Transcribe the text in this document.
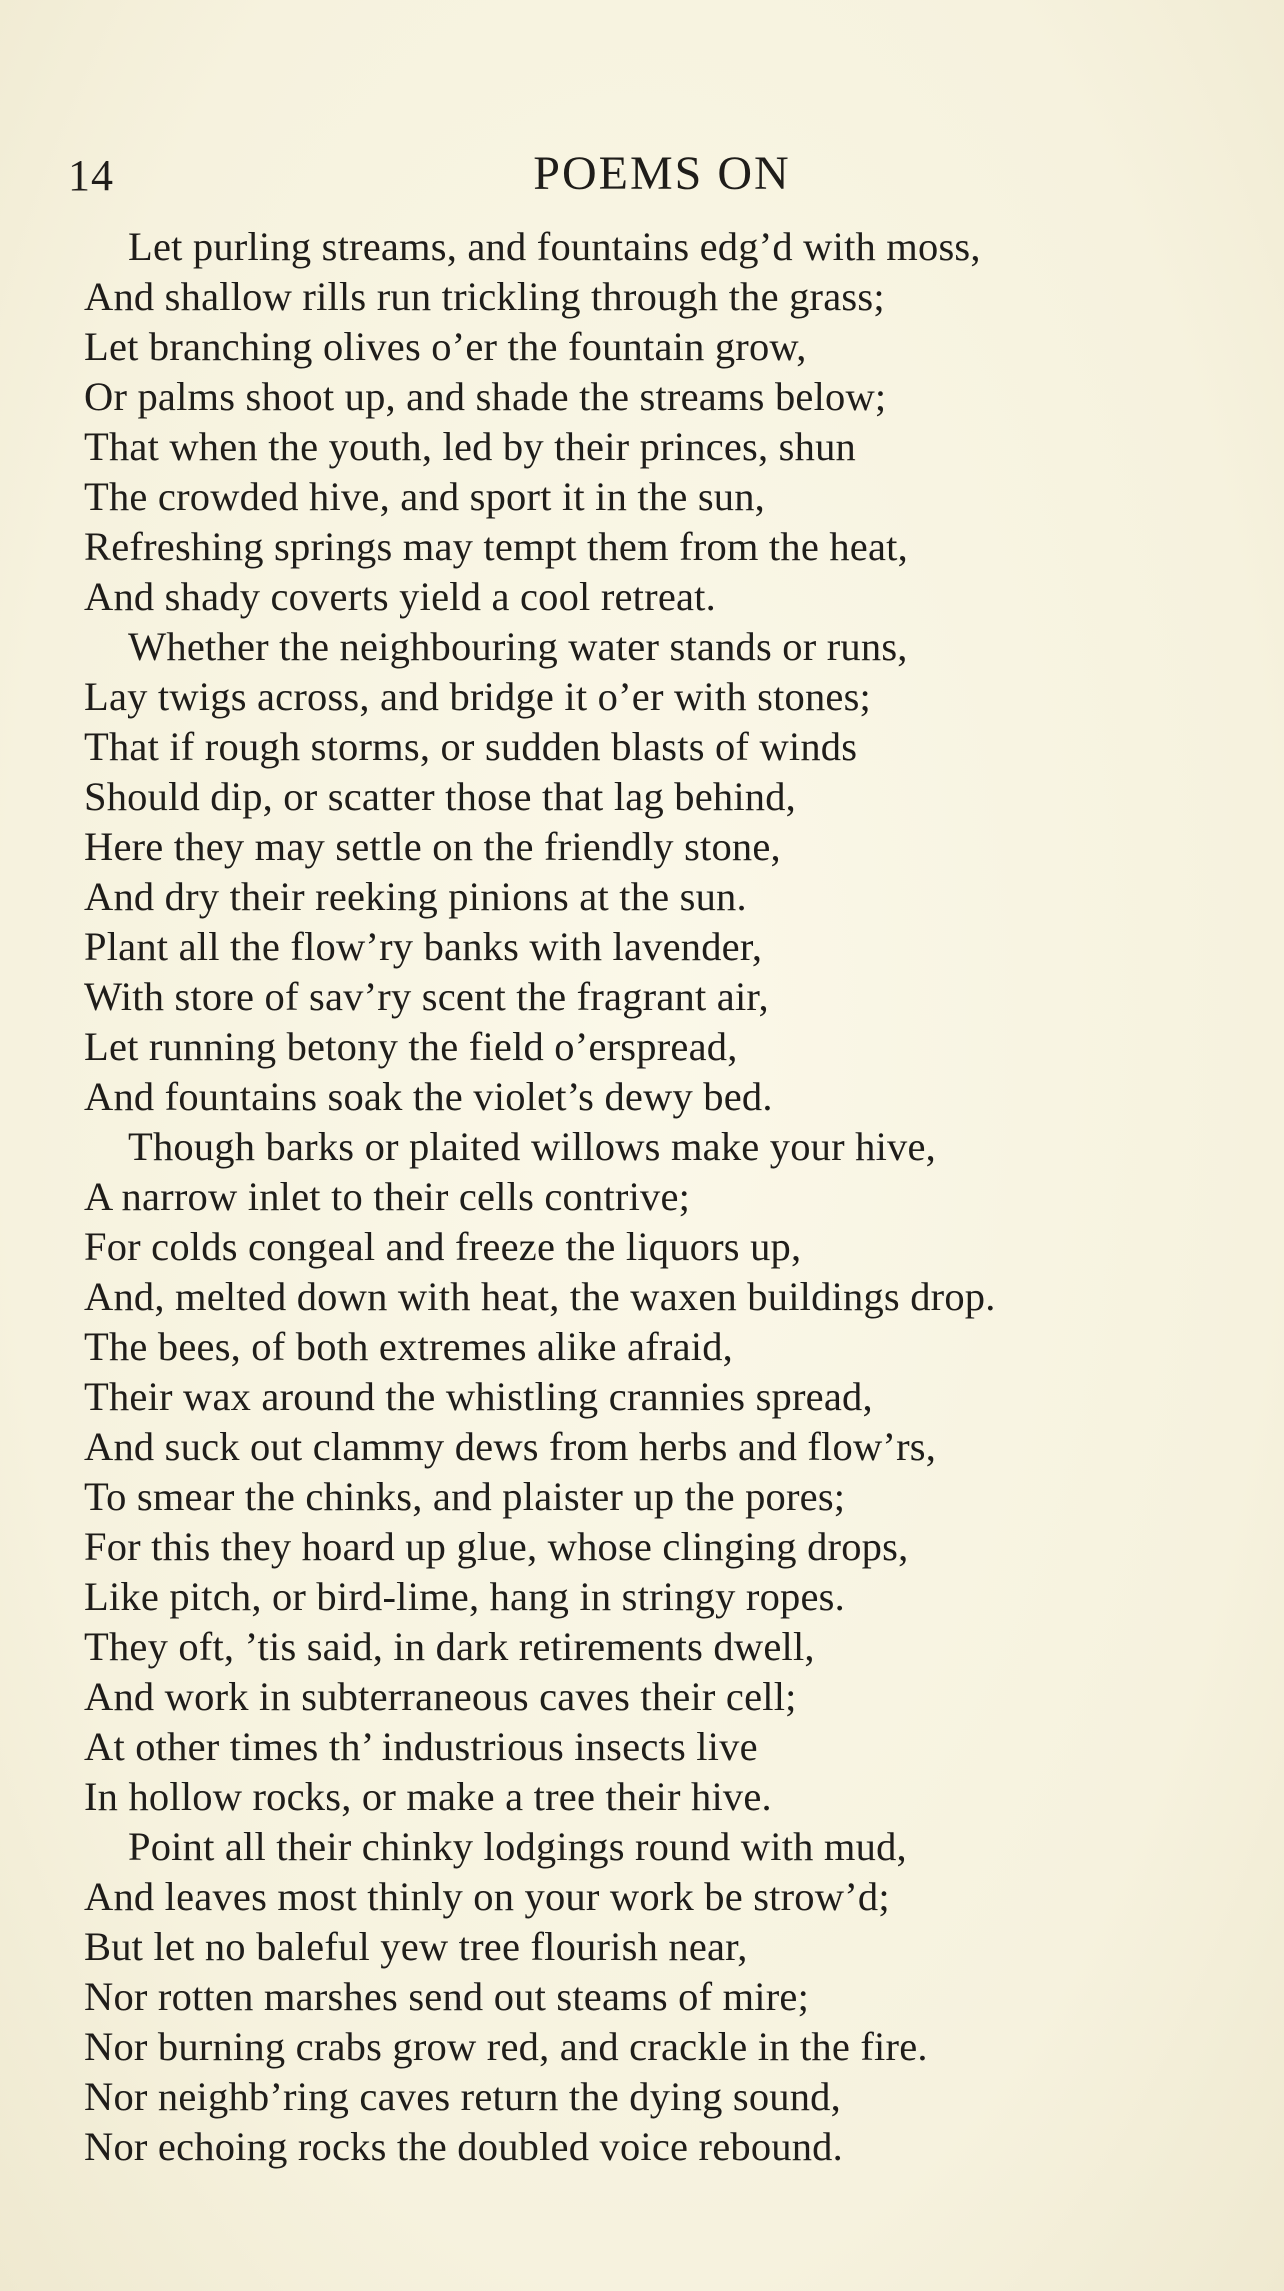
14	POEMS ON
Let purling streams, and fountains edg’d with moss,
And shallow rills run trickling through the grass;
Let branching olives o’er the fountain grow,
Or palms shoot up, and shade the streams below;
That when the youth, led by their princes, shun
The crowded hive, and sport it in the sun,
Refreshing springs may tempt them from the heat,
And shady coverts yield a cool retreat.
Whether the neighbouring water stands or runs,
Lay twigs across, and bridge it o’er with stones;
That if rough storms, or sudden blasts of winds
Should dip, or scatter those that lag behind,
Here they may settle on the friendly stone,
And dry their reeking pinions at the sun.
Plant all the flow’ry banks with lavender,
With store of sav’ry scent the fragrant air,
Let running betony the field o’erspread,
And fountains soak the violet’s dewy bed.
Though barks or plaited willows make your hive,
A narrow inlet to their cells contrive;
For colds congeal and freeze the liquors up,
And, melted down with heat, the waxen buildings drop.
The bees, of both extremes alike afraid,
Their wax around the whistling crannies spread,
And suck out clammy dews from herbs and flow’rs,
To smear the chinks, and plaister up the pores;
For this they hoard up glue, whose clinging drops,
Like pitch, or bird-lime, hang in stringy ropes.
They oft, ’tis said, in dark retirements dwell,
And work in subterraneous caves their cell;
At other times th’ industrious insects live
In hollow rocks, or make a tree their hive.
Point all their chinky lodgings round with mud,
And leaves most thinly on your work be strow’d;
But let no baleful yew tree flourish near,
Nor rotten marshes send out steams of mire;
Nor burning crabs grow red, and crackle in the fire.
Nor neighb’ring caves return the dying sound,
Nor echoing rocks the doubled voice rebound.
